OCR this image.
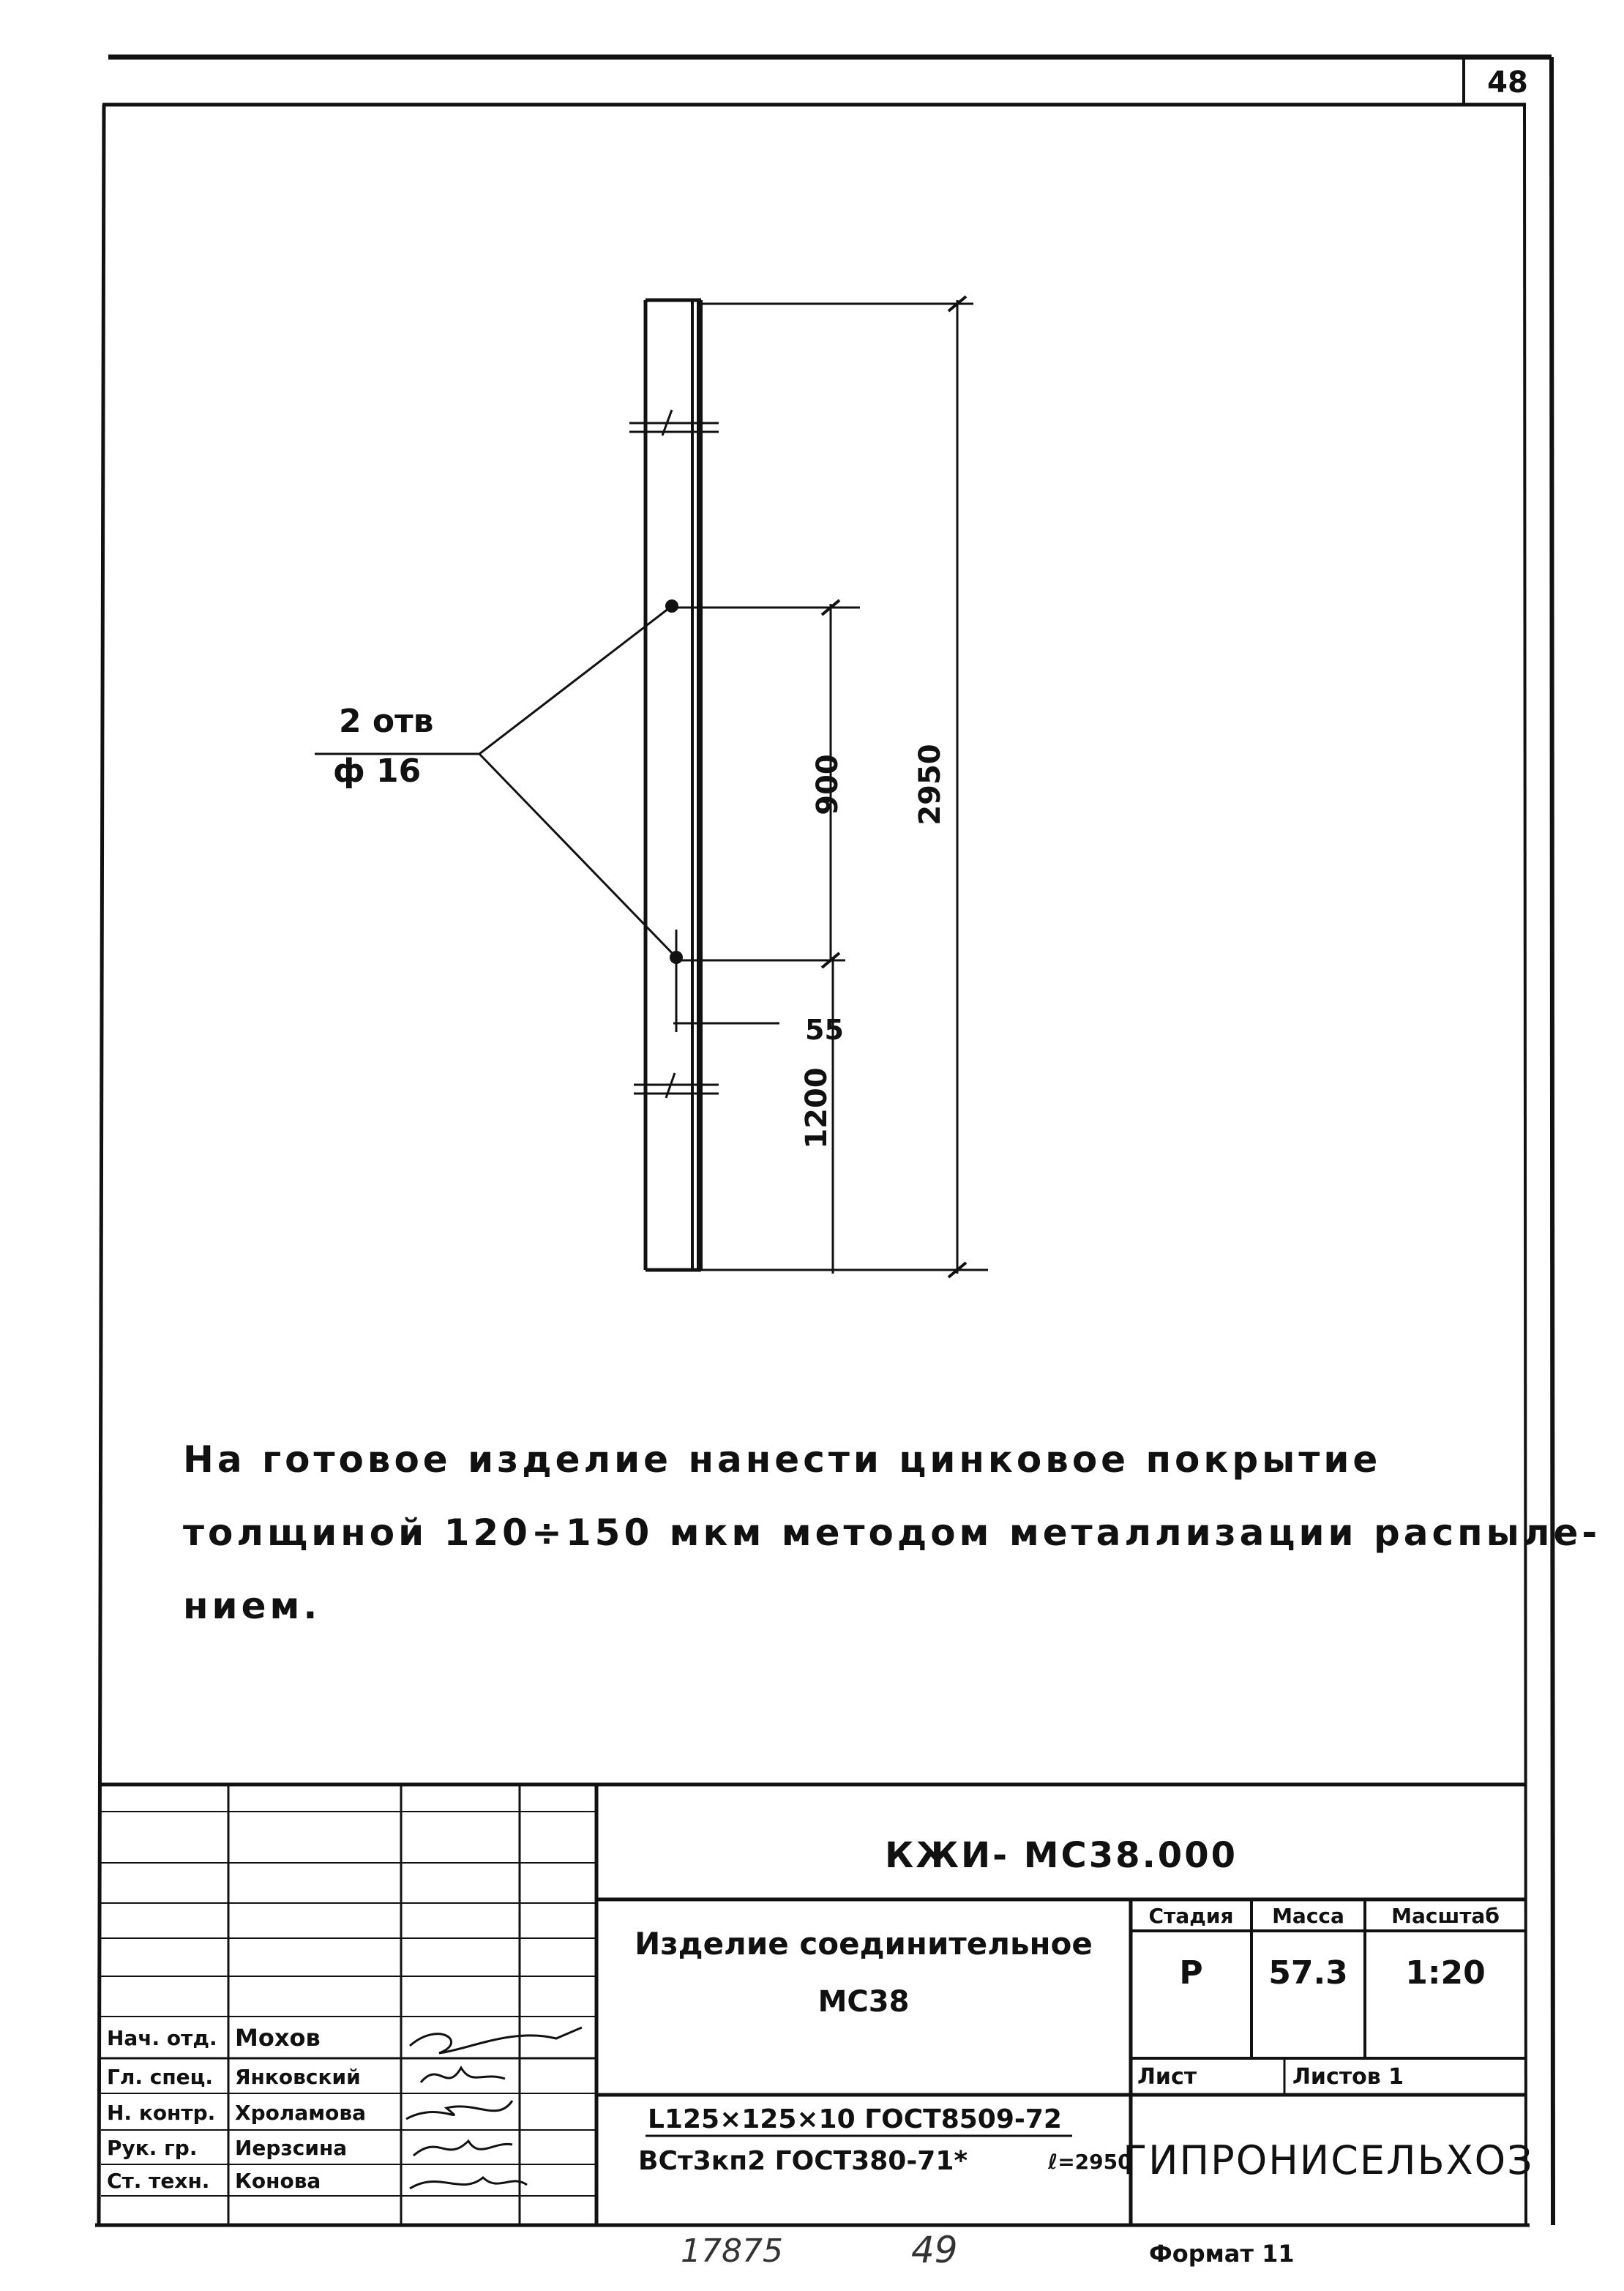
48
2 отв
ф 16
55
900 2950
1200
На готовое изделие нанести цинковое покрытие
толщиной 120÷150 мкм методом металлизации распыле-
нием.
КЖИ- МС38.000
Изделие соединительное
МС38
Стадия	Масса	Масштаб
Р	57.3	1:20
Лист	Листов 1
L125×125×10 ГОСТ8509-72
ВСт3кп2 ГОСТ380-71*	ℓ=2950
ГИПРОНИСЕЛЬХОЗ
Нач. отд. Мохов
Гл. спец.	Янковский
Н. контр. Хрoламова
Рук. гр.	Иерзсина
Ст. техн.	Конова
17875	49	Формат 11
